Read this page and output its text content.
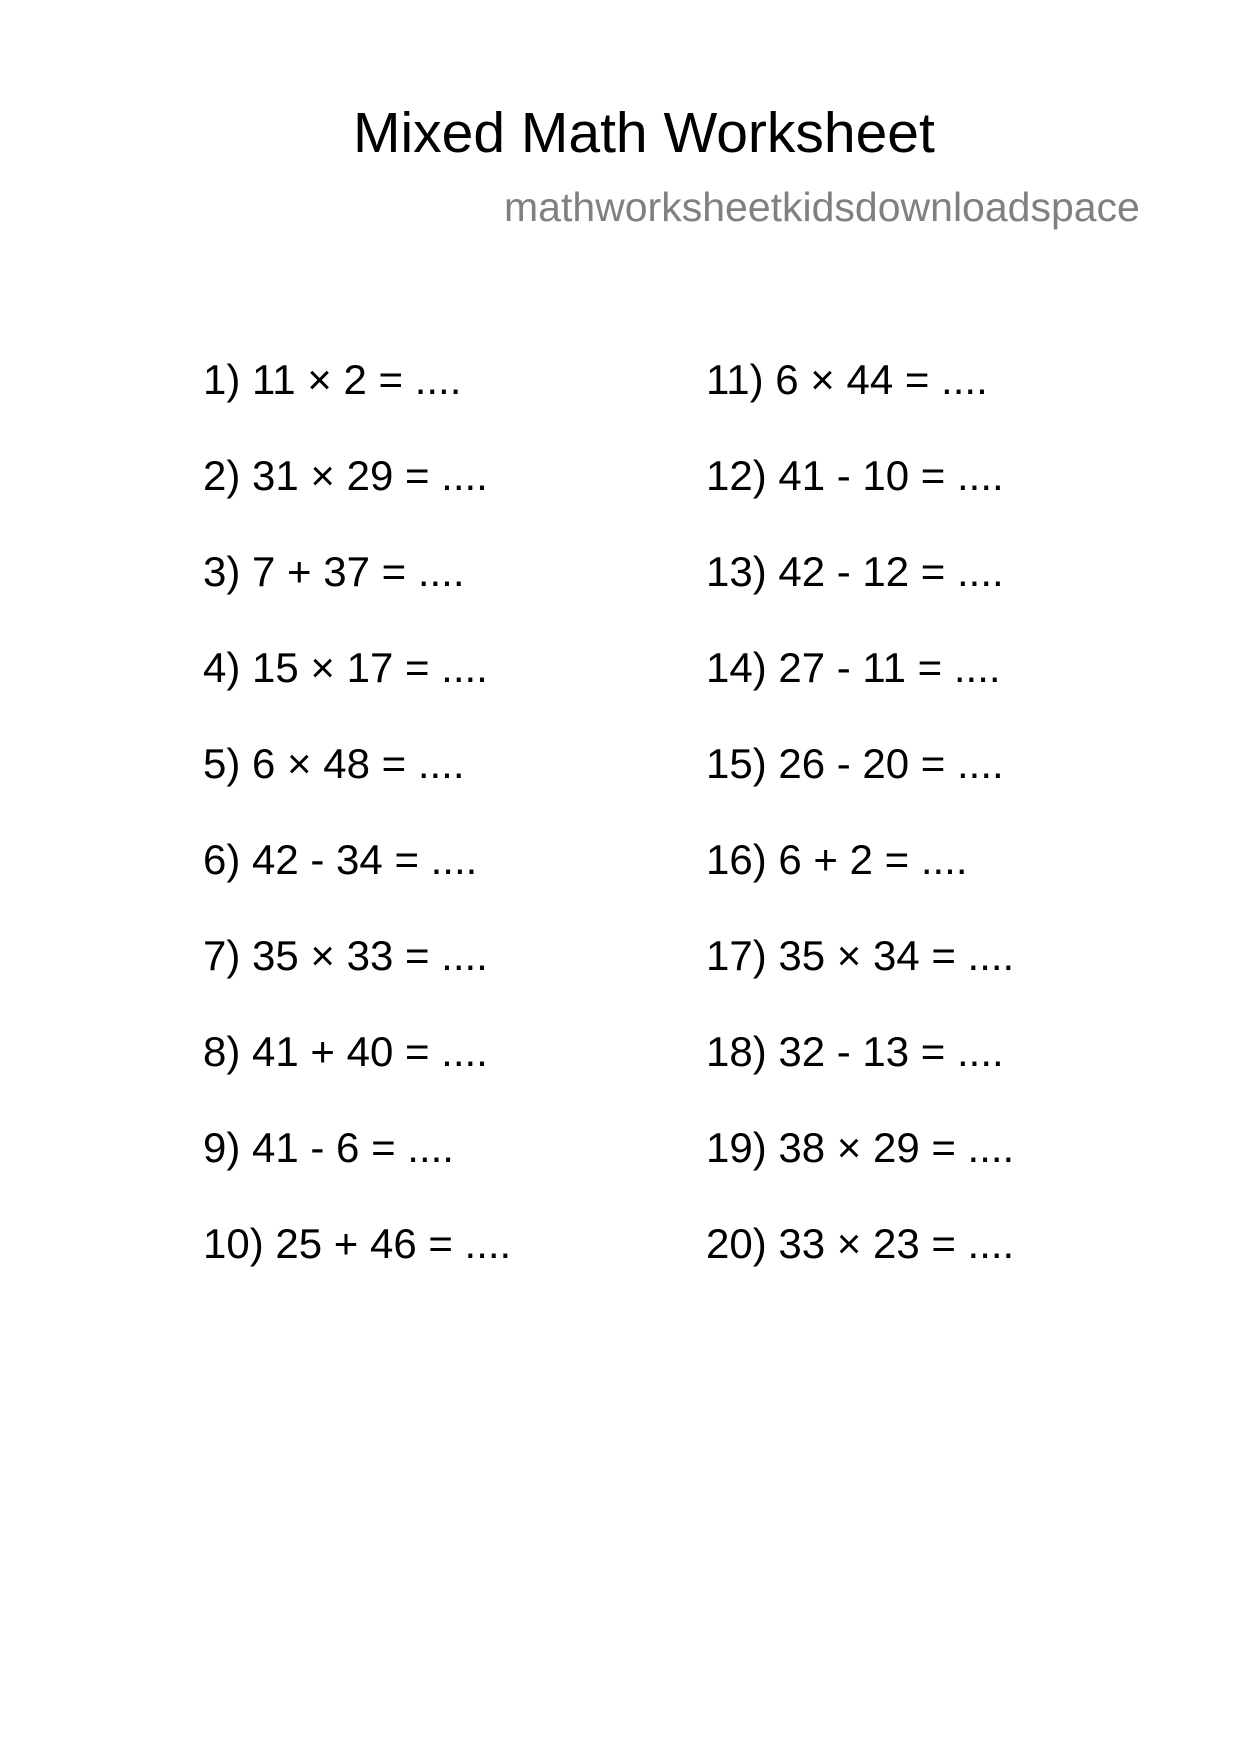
Mixed Math Worksheet
mathworksheetkidsdownloadspace
1) 11 × 2 = ....
2) 31 × 29 = ....
3) 7 + 37 = ....
4) 15 × 17 = ....
5) 6 × 48 = ....
6) 42 - 34 = ....
7) 35 × 33 = ....
8) 41 + 40 = ....
9) 41 - 6 = ....
10) 25 + 46 = ....
11) 6 × 44 = ....
12) 41 - 10 = ....
13) 42 - 12 = ....
14) 27 - 11 = ....
15) 26 - 20 = ....
16) 6 + 2 = ....
17) 35 × 34 = ....
18) 32 - 13 = ....
19) 38 × 29 = ....
20) 33 × 23 = ....
